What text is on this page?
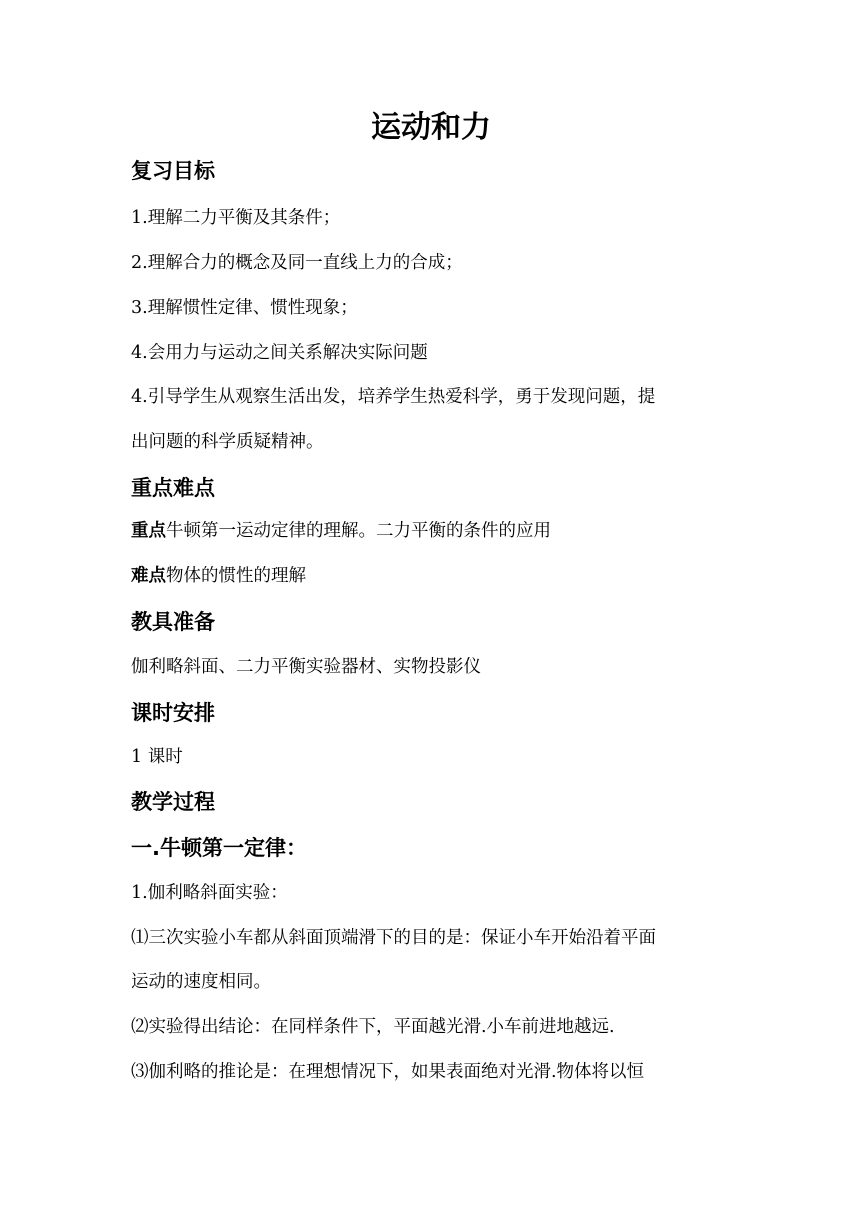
运动和力
复习目标

1.理解二力平衡及其条件；

2.理解合力的概念及同一直线上力的合成；

3.理解惯性定律、惯性现象；

4.会用力与运动之间关系解决实际问题

4.引导学生从观察生活出发，培养学生热爱科学，勇于发现问题，提

出问题的科学质疑精神。

重点难点

重点牛顿第一运动定律的理解。二力平衡的条件的应用

难点物体的惯性的理解

教具准备

伽利略斜面、二力平衡实验器材、实物投影仪

课时安排

1 课时

教学过程
一.牛顿第一定律：

1.伽利略斜面实验：

⑴三次实验小车都从斜面顶端滑下的目的是：保证小车开始沿着平面

运动的速度相同。

⑵实验得出结论：在同样条件下，平面越光滑.小车前进地越远.

⑶伽利略的推论是：在理想情况下，如果表面绝对光滑.物体将以恒
